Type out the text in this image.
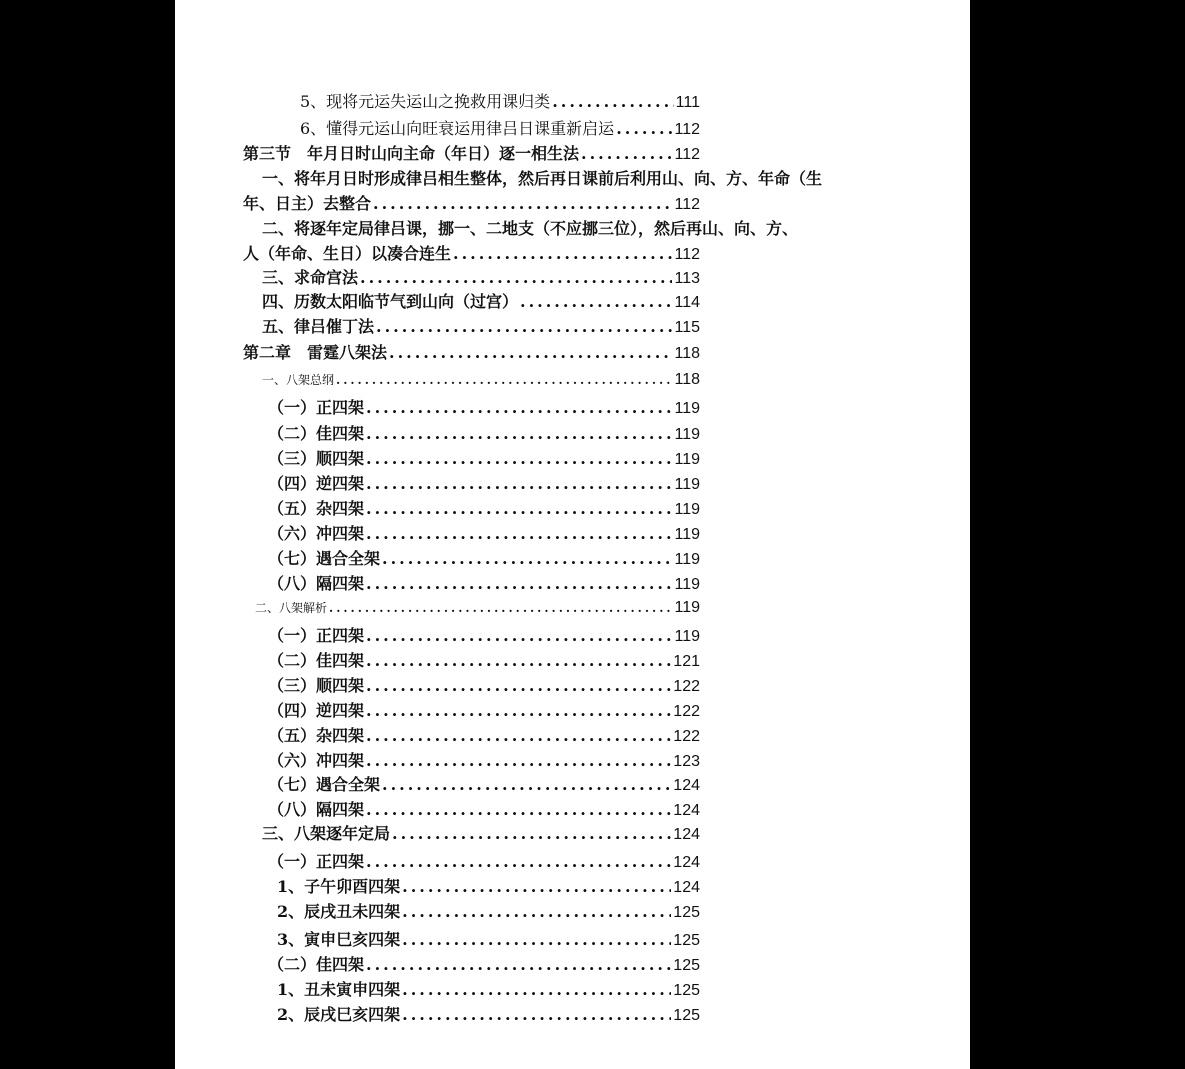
5、现将元运失运山之挽救用课归类 .....	111
6、懂得元运山向旺衰运用律吕日课重新启运 .....	112
第三节　年月日时山向主命（年日）逐一相生法 .....	112
一、将年月日时形成律吕相生整体，然后再日课前后利用山、向、方、年命（生
年、日主）去整合 .....	112
二、将逐年定局律吕课，挪一、二地支（不应挪三位），然后再山、向、方、
人（年命、生日）以凑合连生 .....	112
三、求命宫法 .....	113
四、历数太阳临节气到山向（过宫） .....	114
五、律吕催丁法 .....	115
第二章　雷霆八架法 .....	118
一、八架总纲 .....	118
（一）正四架 .....	119
（二）佳四架 .....	119
（三）顺四架 .....	119
（四）逆四架 .....	119
（五）杂四架 .....	119
（六）冲四架 .....	119
（七）遇合全架 .....	119
（八）隔四架 .....	119
二、八架解析 .....	119
（一）正四架 .....	119
（二）佳四架 .....	121
（三）顺四架 .....	122
（四）逆四架 .....	122
（五）杂四架 .....	122
（六）冲四架 .....	123
（七）遇合全架 .....	124
（八）隔四架 .....	124
三、八架逐年定局 .....	124
（一）正四架 .....	124
1、子午卯酉四架 .....	124
2、辰戌丑未四架 .....	125
3、寅申巳亥四架 .....	125
（二）佳四架 .....	125
1、丑未寅申四架 .....	125
2、辰戌巳亥四架 .....	125
